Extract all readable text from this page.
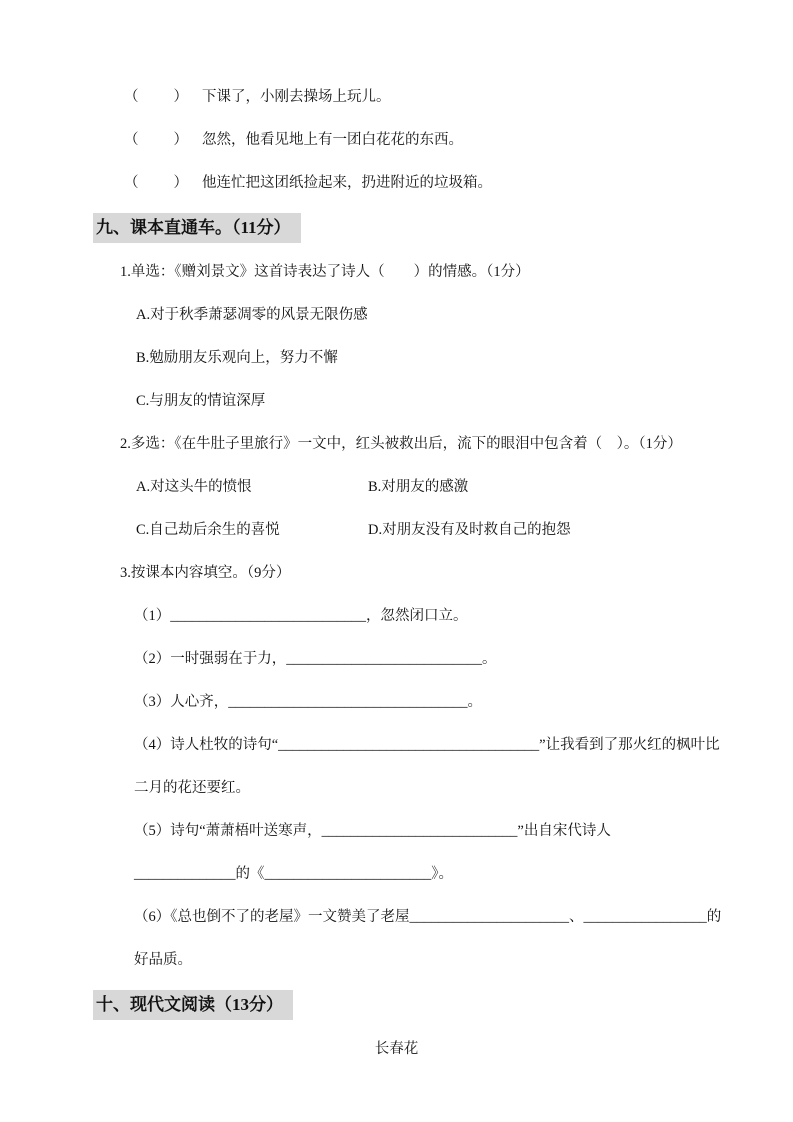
（　　） 下课了，小刚去操场上玩儿。
（　　） 忽然，他看见地上有一团白花花的东西。
（　　） 他连忙把这团纸捡起来，扔进附近的垃圾箱。
九、课本直通车。（11分）
1.单选：《赠刘景文》这首诗表达了诗人（　　）的情感。（1分）
A.对于秋季萧瑟凋零的风景无限伤感
B.勉励朋友乐观向上，努力不懈
C.与朋友的情谊深厚
2.多选：《在牛肚子里旅行》一文中，红头被救出后，流下的眼泪中包含着（　）。（1分）
A.对这头牛的愤恨	B.对朋友的感激
C.自己劫后余生的喜悦	D.对朋友没有及时救自己的抱怨
3.按课本内容填空。（9分）
（1）___________________________，忽然闭口立。
（2）一时强弱在于力，___________________________。
（3）人心齐，_________________________________。
（4）诗人杜牧的诗句“____________________________________”让我看到了那火红的枫叶比
二月的花还要红。
（5）诗句“萧萧梧叶送寒声，___________________________”出自宋代诗人
______________的《_______________________》。
（6）《总也倒不了的老屋》一文赞美了老屋______________________、_________________的
好品质。
十、现代文阅读（13分）
长春花
